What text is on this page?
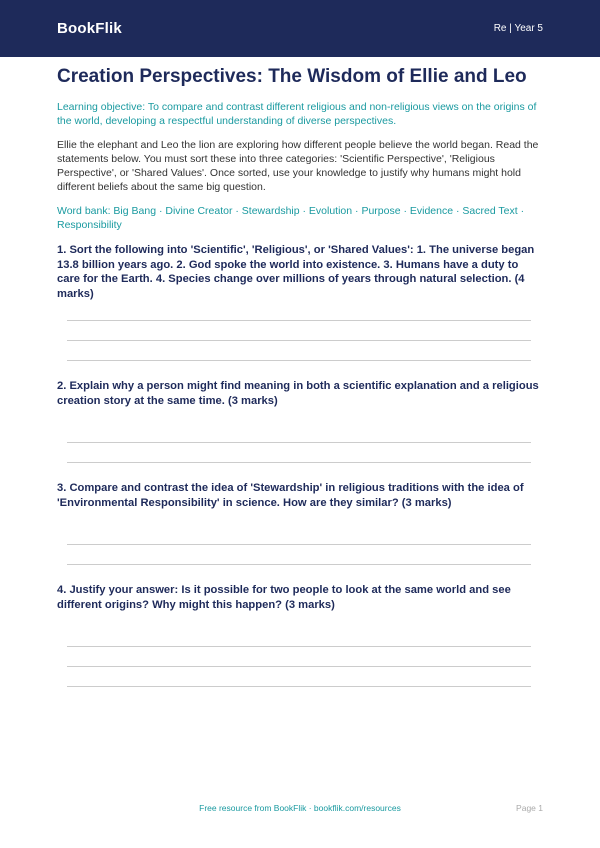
BookFlik	Re | Year 5
Creation Perspectives: The Wisdom of Ellie and Leo
Learning objective: To compare and contrast different religious and non-religious views on the origins of the world, developing a respectful understanding of diverse perspectives.
Ellie the elephant and Leo the lion are exploring how different people believe the world began. Read the statements below. You must sort these into three categories: 'Scientific Perspective', 'Religious Perspective', or 'Shared Values'. Once sorted, use your knowledge to justify why humans might hold different beliefs about the same big question.
Word bank: Big Bang · Divine Creator · Stewardship · Evolution · Purpose · Evidence · Sacred Text · Responsibility
1. Sort the following into 'Scientific', 'Religious', or 'Shared Values': 1. The universe began 13.8 billion years ago. 2. God spoke the world into existence. 3. Humans have a duty to care for the Earth. 4. Species change over millions of years through natural selection. (4 marks)
2. Explain why a person might find meaning in both a scientific explanation and a religious creation story at the same time. (3 marks)
3. Compare and contrast the idea of 'Stewardship' in religious traditions with the idea of 'Environmental Responsibility' in science. How are they similar? (3 marks)
4. Justify your answer: Is it possible for two people to look at the same world and see different origins? Why might this happen? (3 marks)
Free resource from BookFlik · bookflik.com/resources	Page 1
